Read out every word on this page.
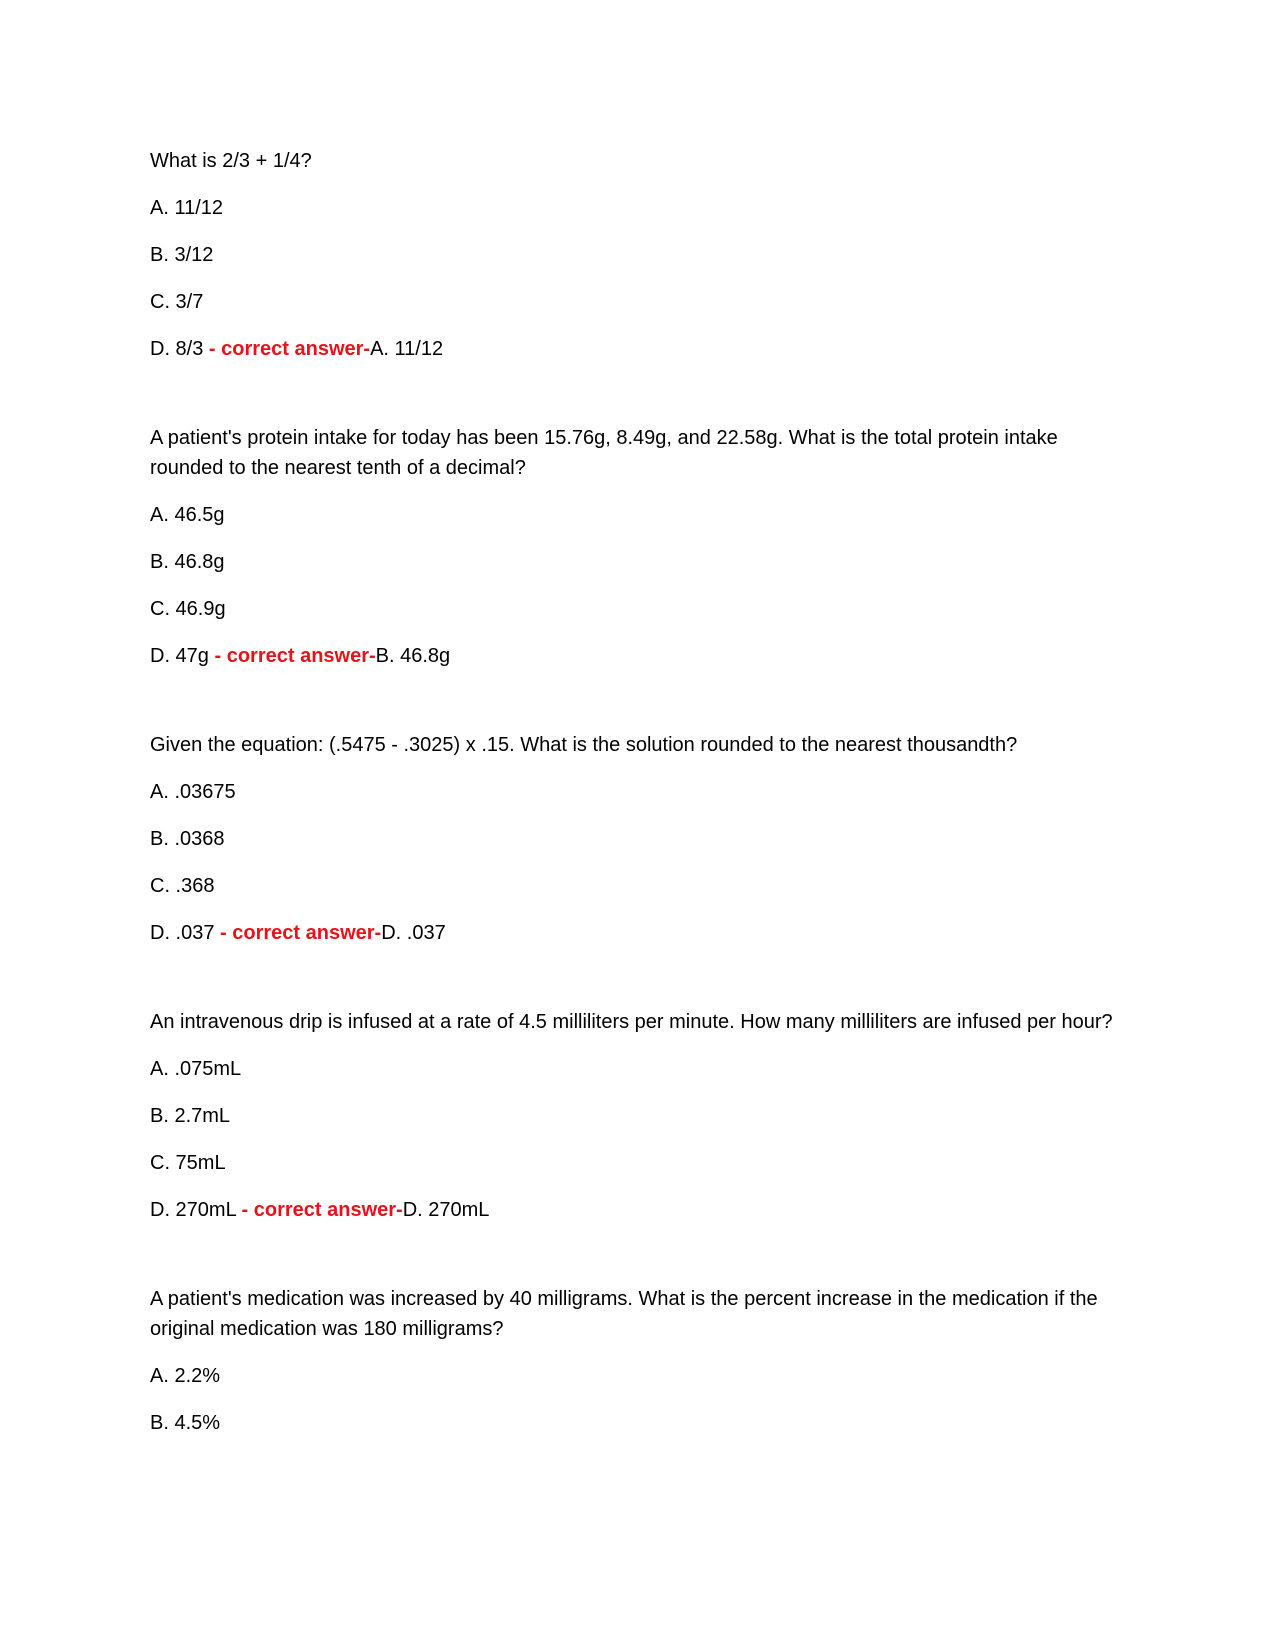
What is 2/3 + 1/4?

A. 11/12

B. 3/12

C. 3/7

D. 8/3 - correct answer-A. 11/12

A patient's protein intake for today has been 15.76g, 8.49g, and 22.58g. What is the total protein intake rounded to the nearest tenth of a decimal?

A. 46.5g

B. 46.8g

C. 46.9g

D. 47g - correct answer-B. 46.8g

Given the equation: (.5475 - .3025) x .15. What is the solution rounded to the nearest thousandth?

A. .03675

B. .0368

C. .368

D. .037 - correct answer-D. .037

An intravenous drip is infused at a rate of 4.5 milliliters per minute. How many milliliters are infused per hour?

A. .075mL

B. 2.7mL

C. 75mL

D. 270mL - correct answer-D. 270mL

A patient's medication was increased by 40 milligrams. What is the percent increase in the medication if the original medication was 180 milligrams?

A. 2.2%

B. 4.5%
